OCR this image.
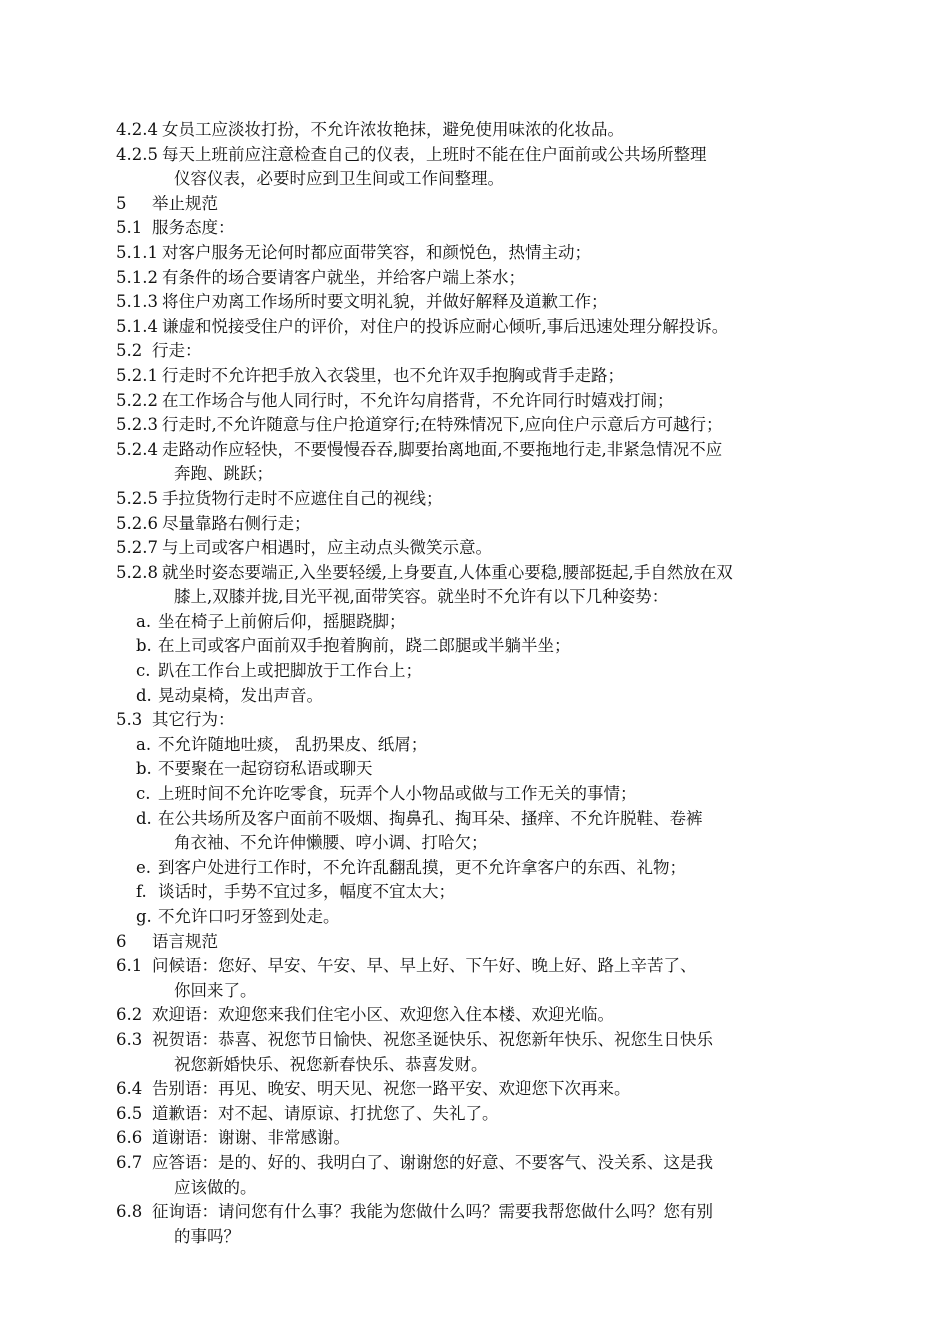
4.2.4 女员工应淡妆打扮，不允许浓妆艳抹，避免使用味浓的化妆品。
4.2.5 每天上班前应注意检查自己的仪表，上班时不能在住户面前或公共场所整理
仪容仪表，必要时应到卫生间或工作间整理。
5 举止规范
5.1 服务态度：
5.1.1 对客户服务无论何时都应面带笑容，和颜悦色，热情主动；
5.1.2 有条件的场合要请客户就坐，并给客户端上茶水；
5.1.3 将住户劝离工作场所时要文明礼貌，并做好解释及道歉工作；
5.1.4 谦虚和悦接受住户的评价，对住户的投诉应耐心倾听,事后迅速处理分解投诉。
5.2 行走：
5.2.1 行走时不允许把手放入衣袋里，也不允许双手抱胸或背手走路；
5.2.2 在工作场合与他人同行时，不允许勾肩搭背，不允许同行时嬉戏打闹；
5.2.3 行走时,不允许随意与住户抢道穿行;在特殊情况下,应向住户示意后方可越行；
5.2.4 走路动作应轻快，不要慢慢吞吞,脚要抬离地面,不要拖地行走,非紧急情况不应
奔跑、跳跃；
5.2.5 手拉货物行走时不应遮住自己的视线；
5.2.6 尽量靠路右侧行走；
5.2.7 与上司或客户相遇时，应主动点头微笑示意。
5.2.8 就坐时姿态要端正,入坐要轻缓,上身要直,人体重心要稳,腰部挺起,手自然放在双
膝上,双膝并拢,目光平视,面带笑容。就坐时不允许有以下几种姿势：
a. 坐在椅子上前俯后仰，摇腿跷脚；
b. 在上司或客户面前双手抱着胸前，跷二郎腿或半躺半坐；
c. 趴在工作台上或把脚放于工作台上；
d. 晃动桌椅，发出声音。
5.3 其它行为：
a. 不允许随地吐痰， 乱扔果皮、纸屑；
b. 不要聚在一起窃窃私语或聊天
c. 上班时间不允许吃零食，玩弄个人小物品或做与工作无关的事情；
d. 在公共场所及客户面前不吸烟、掏鼻孔、掏耳朵、搔痒、不允许脱鞋、卷裤
角衣袖、不允许伸懒腰、哼小调、打哈欠；
e. 到客户处进行工作时，不允许乱翻乱摸，更不允许拿客户的东西、礼物；
f. 谈话时，手势不宜过多，幅度不宜太大；
g. 不允许口叼牙签到处走。
6 语言规范
6.1 问候语：您好、早安、午安、早、早上好、下午好、晚上好、路上辛苦了、
你回来了。
6.2 欢迎语：欢迎您来我们住宅小区、欢迎您入住本楼、欢迎光临。
6.3 祝贺语：恭喜、祝您节日愉快、祝您圣诞快乐、祝您新年快乐、祝您生日快乐
祝您新婚快乐、祝您新春快乐、恭喜发财。
6.4 告别语：再见、晚安、明天见、祝您一路平安、欢迎您下次再来。
6.5 道歉语：对不起、请原谅、打扰您了、失礼了。
6.6 道谢语：谢谢、非常感谢。
6.7 应答语：是的、好的、我明白了、谢谢您的好意、不要客气、没关系、这是我
应该做的。
6.8 征询语：请问您有什么事？我能为您做什么吗？需要我帮您做什么吗？您有别
的事吗？
